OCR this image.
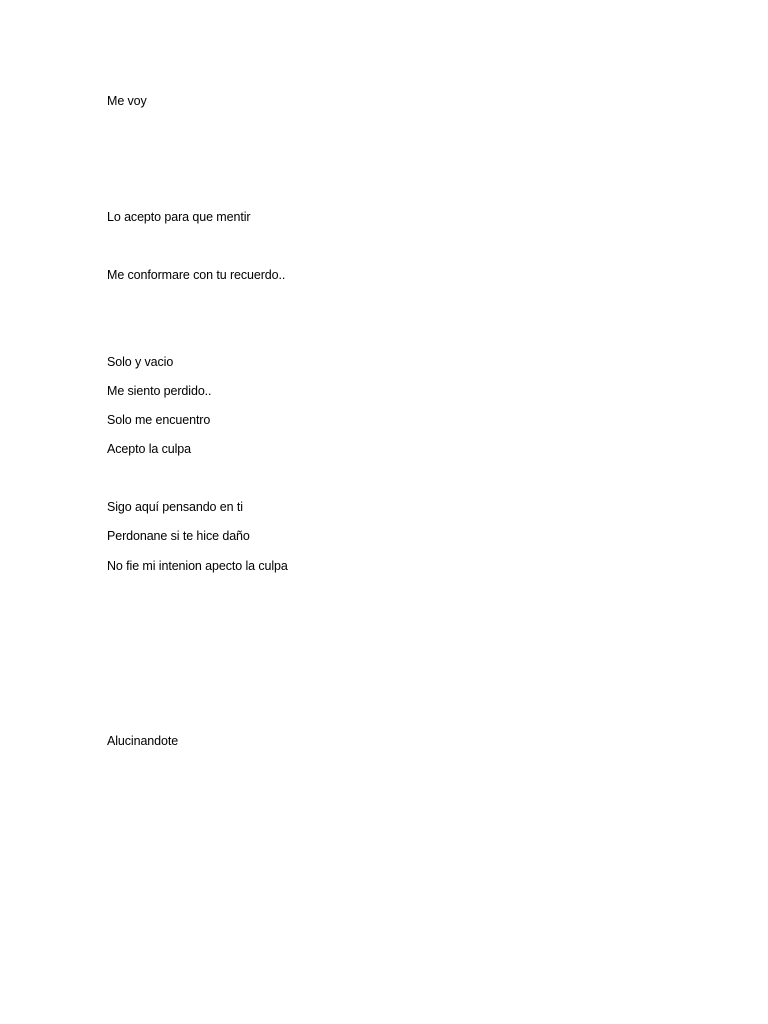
Me voy

Lo acepto para que mentir

Me conformare con tu recuerdo..

Solo y vacio

Me siento perdido..

Solo me encuentro

Acepto la culpa

Sigo aquí pensando en ti

Perdonane si te hice daño

No fie mi intenion apecto la culpa

Alucinandote
